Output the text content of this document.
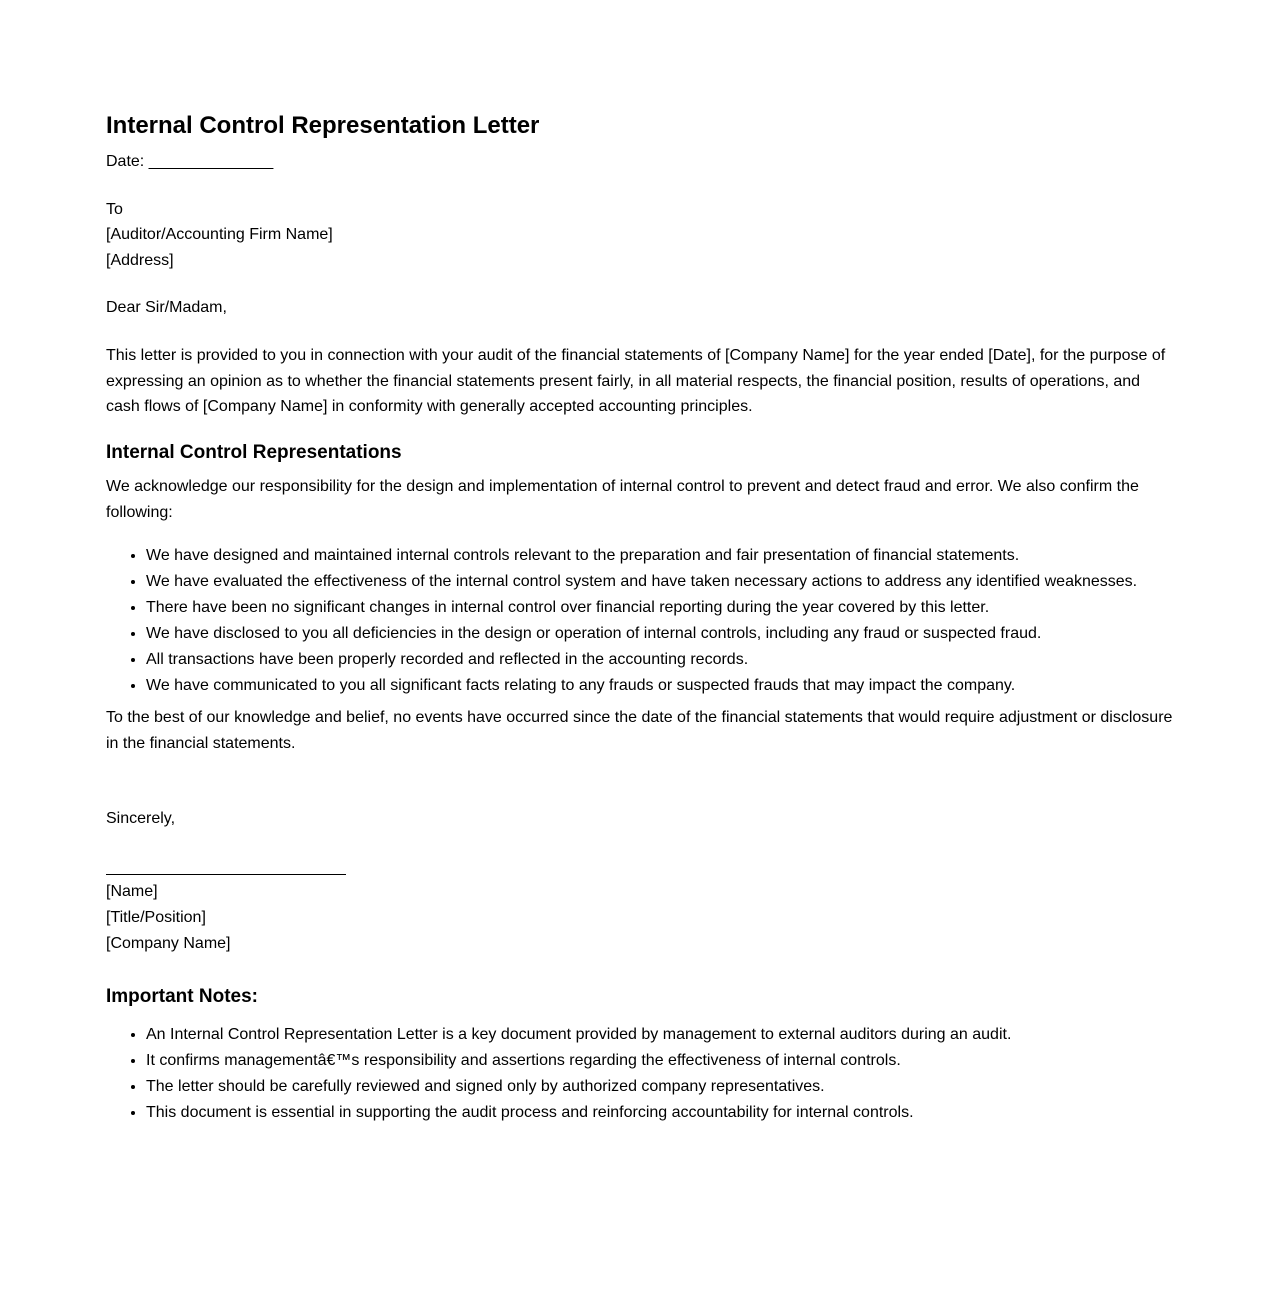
Internal Control Representation Letter

Date: ______________

To

[Auditor/Accounting Firm Name]

[Address]

Dear Sir/Madam,

This letter is provided to you in connection with your audit of the financial statements of [Company Name] for the year ended [Date], for the purpose of expressing an opinion as to whether the financial statements present fairly, in all material respects, the financial position, results of operations, and cash flows of [Company Name] in conformity with generally accepted accounting principles.

Internal Control Representations

We acknowledge our responsibility for the design and implementation of internal control to prevent and detect fraud and error. We also confirm the following:

• We have designed and maintained internal controls relevant to the preparation and fair presentation of financial statements.
• We have evaluated the effectiveness of the internal control system and have taken necessary actions to address any identified weaknesses.
• There have been no significant changes in internal control over financial reporting during the year covered by this letter.
• We have disclosed to you all deficiencies in the design or operation of internal controls, including any fraud or suspected fraud.
• All transactions have been properly recorded and reflected in the accounting records.
• We have communicated to you all significant facts relating to any frauds or suspected frauds that may impact the company.

To the best of our knowledge and belief, no events have occurred since the date of the financial statements that would require adjustment or disclosure in the financial statements.

Sincerely,

[Name]

[Title/Position]

[Company Name]

Important Notes:
• An Internal Control Representation Letter is a key document provided by management to external auditors during an audit.
• It confirms managementâ€™s responsibility and assertions regarding the effectiveness of internal controls.
• The letter should be carefully reviewed and signed only by authorized company representatives.
• This document is essential in supporting the audit process and reinforcing accountability for internal controls.
